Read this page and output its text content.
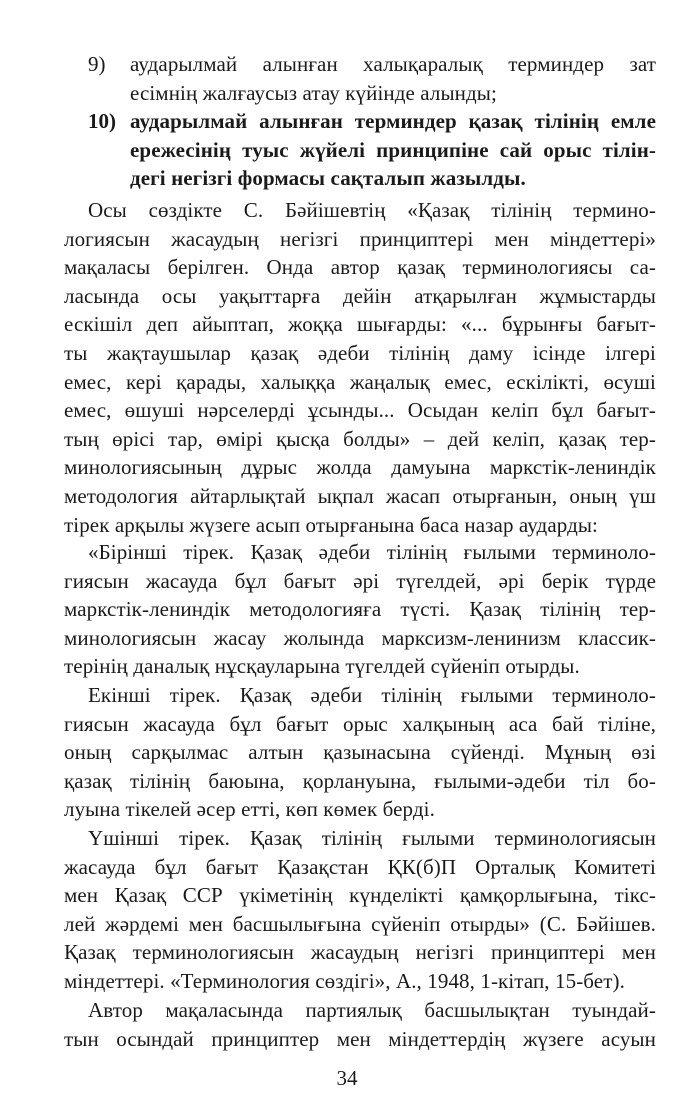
9) аударылмай алынған халықаралық терминдер зат
есімнің жалғаусыз атау күйінде алынды;
10) аударылмай алынған терминдер қазақ тілінің емле
ережесінің туыс жүйелі принципіне сай орыс тілін-
дегі негізгі формасы сақталып жазылды.
Осы сөздікте С. Бәйішевтің «Қазақ тілінің термино-
логиясын жасаудың негізгі принциптері мен міндеттері»
мақаласы берілген. Онда автор қазақ терминологиясы са-
ласында осы уақыттарға дейін атқарылған жұмыстарды
ескішіл деп айыптап, жоққа шығарды: «... бұрынғы бағыт-
ты жақтаушылар қазақ әдеби тілінің даму ісінде ілгері
емес, кері қарады, халыққа жаңалық емес, ескілікті, өсуші
емес, өшуші нәрселерді ұсынды... Осыдан келіп бұл бағыт-
тың өрісі тар, өмірі қысқа болды» – дей келіп, қазақ тер-
минологиясының дұрыс жолда дамуына маркстік-лениндік
методология айтарлықтай ықпал жасап отырғанын, оның үш
тірек арқылы жүзеге асып отырғанына баса назар аударды:
«Бірінші тірек. Қазақ әдеби тілінің ғылыми терминоло-
гиясын жасауда бұл бағыт әрі түгелдей, әрі берік түрде
маркстік-лениндік методологияға түсті. Қазақ тілінің тер-
минологиясын жасау жолында марксизм-ленинизм классик-
терінің даналық нұсқауларына түгелдей сүйеніп отырды.
Екінші тірек. Қазақ әдеби тілінің ғылыми терминоло-
гиясын жасауда бұл бағыт орыс халқының аса бай тіліне,
оның сарқылмас алтын қазынасына сүйенді. Мұның өзі
қазақ тілінің баюына, қорлануына, ғылыми-әдеби тіл бо-
луына тікелей әсер етті, көп көмек берді.
Үшінші тірек. Қазақ тілінің ғылыми терминологиясын
жасауда бұл бағыт Қазақстан ҚК(б)П Орталық Комитеті
мен Қазақ ССР үкіметінің күнделікті қамқорлығына, тікс-
лей жәрдемі мен басшылығына сүйеніп отырды» (С. Бәйішев.
Қазақ терминологиясын жасаудың негізгі принциптері мен
міндеттері. «Терминология сөздігі», А., 1948, 1-кітап, 15-бет).
Автор мақаласында партиялық басшылықтан туындай-
тын осындай принциптер мен міндеттердің жүзеге асуын
34
